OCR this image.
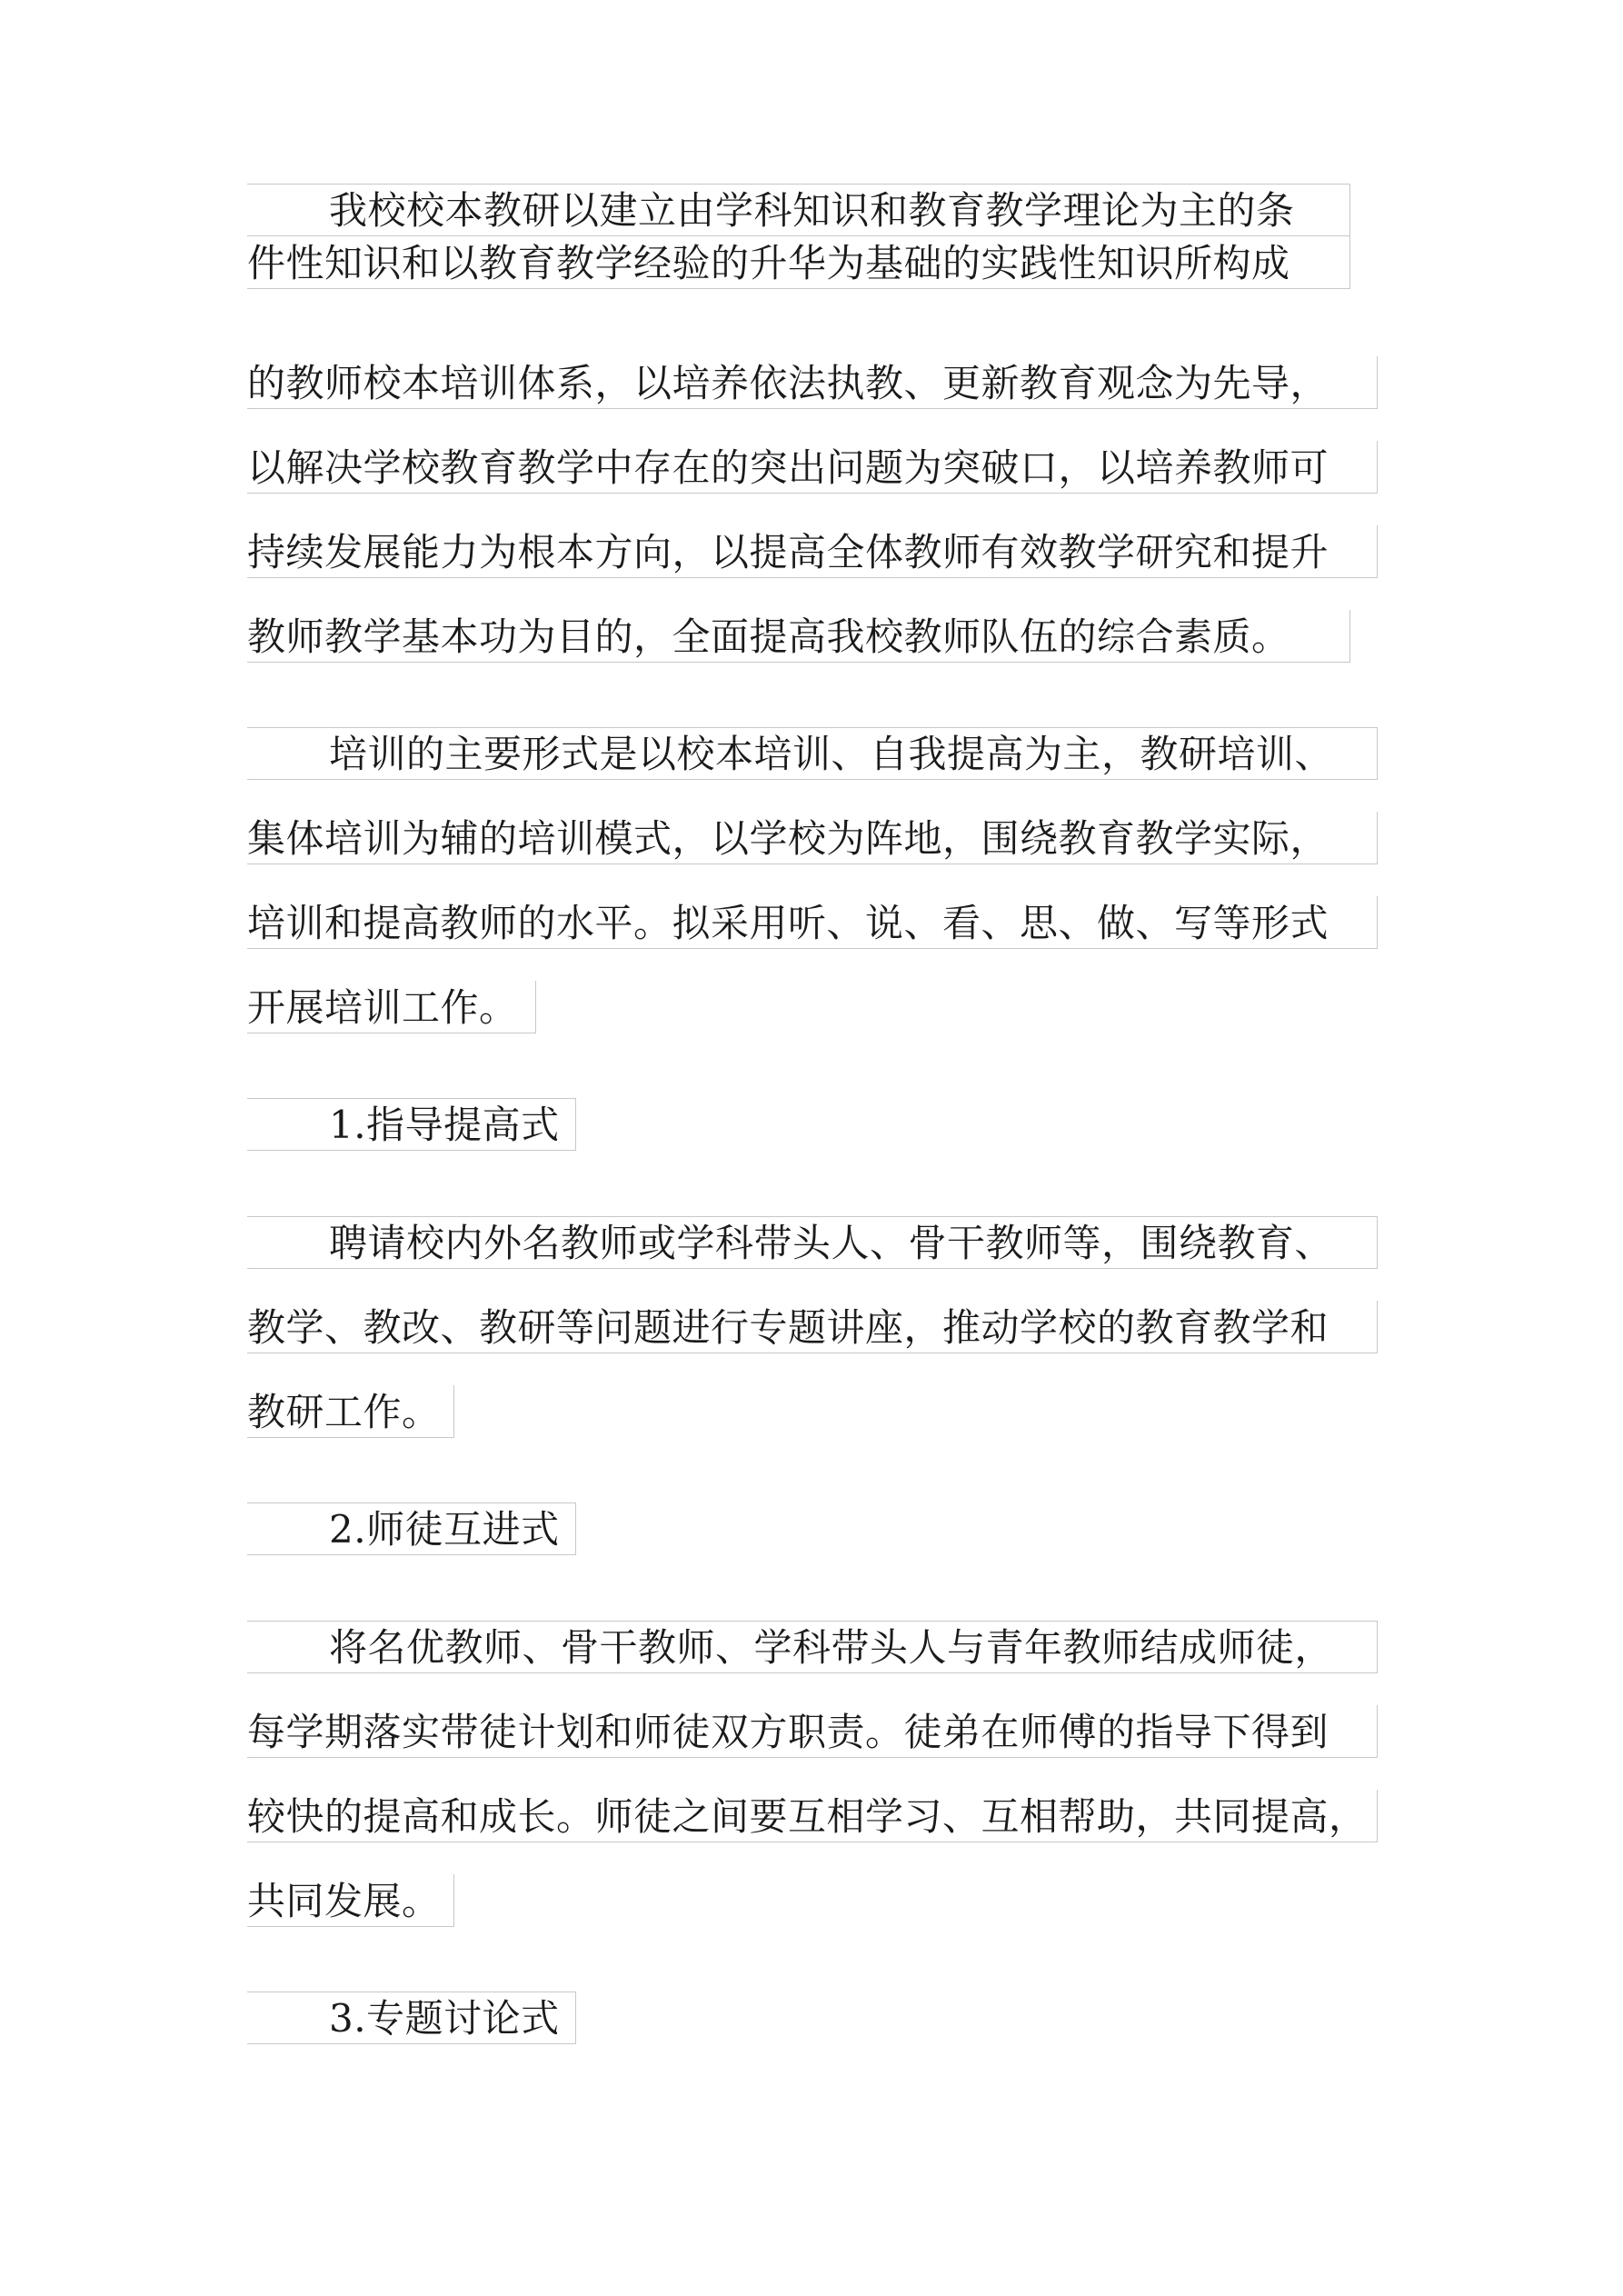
我校校本教研以建立由学科知识和教育教学理论为主的条
件性知识和以教育教学经验的升华为基础的实践性知识所构成
的教师校本培训体系，以培养依法执教、更新教育观念为先导，
以解决学校教育教学中存在的突出问题为突破口，以培养教师可
持续发展能力为根本方向，以提高全体教师有效教学研究和提升
教师教学基本功为目的，全面提高我校教师队伍的综合素质。
培训的主要形式是以校本培训、自我提高为主，教研培训、
集体培训为辅的培训模式，以学校为阵地，围绕教育教学实际，
培训和提高教师的水平。拟采用听、说、看、思、做、写等形式
开展培训工作。
1.指导提高式
聘请校内外名教师或学科带头人、骨干教师等，围绕教育、
教学、教改、教研等问题进行专题讲座，推动学校的教育教学和
教研工作。
2.师徒互进式
将名优教师、骨干教师、学科带头人与青年教师结成师徒，
每学期落实带徒计划和师徒双方职责。徒弟在师傅的指导下得到
较快的提高和成长。师徒之间要互相学习、互相帮助，共同提高，
共同发展。
3.专题讨论式
